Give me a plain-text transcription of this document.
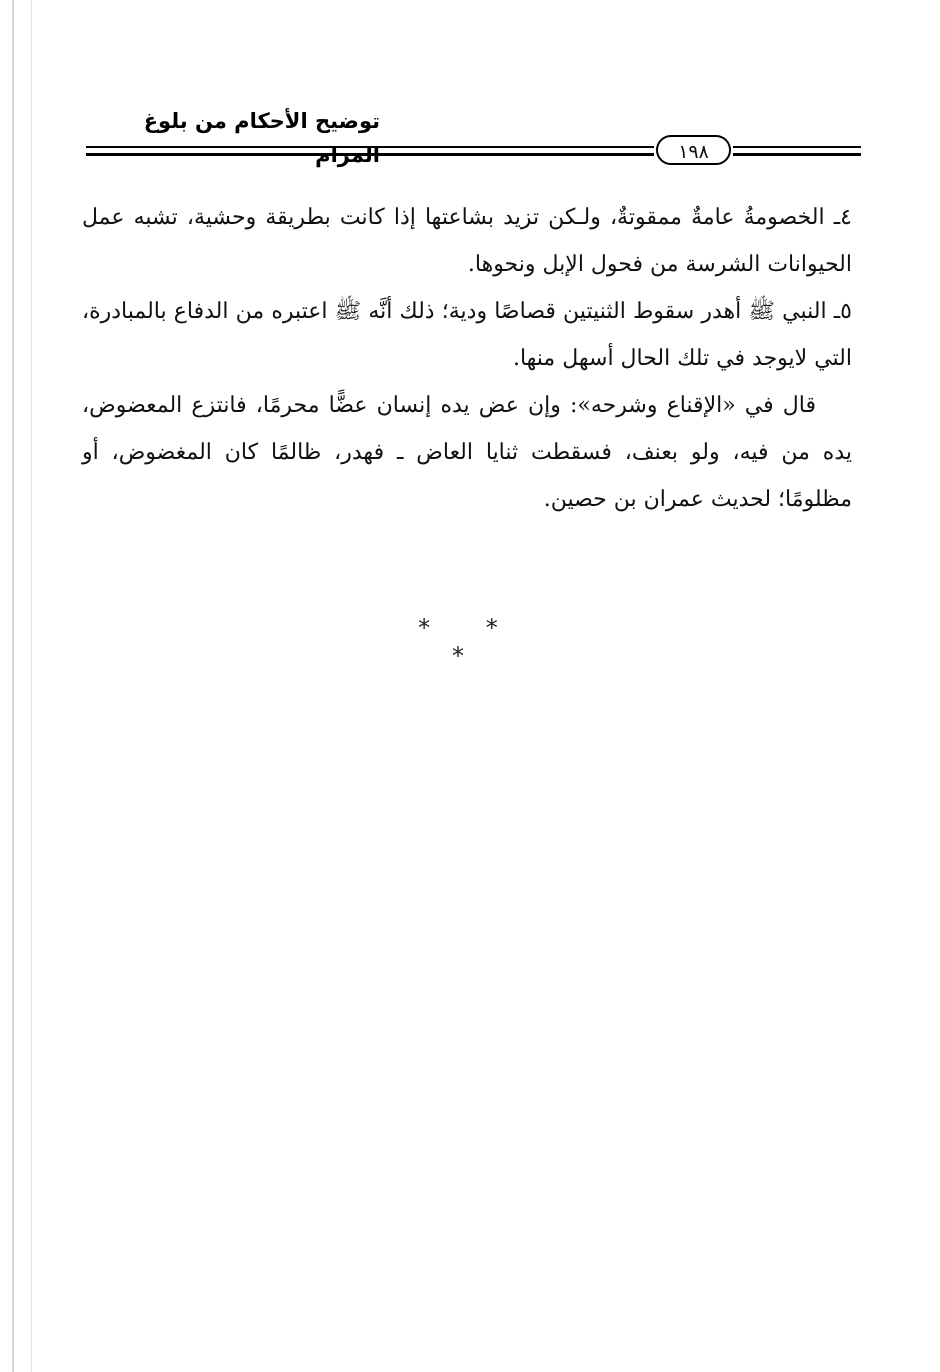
توضيح الأحكام من بلوغ المرام	١٩٨

٤ـ الخصومةُ عامةٌ ممقوتةٌ، ولـكن تزيد بشاعتها إذا كانت بطريقة وحشية، تشبه عمل الحيوانات الشرسة من فحول الإبل ونحوها.

٥ـ النبي ﷺ أهدر سقوط الثنيتين قصاصًا ودية؛ ذلك أنَّه ﷺ اعتبره من الدفاع بالمبادرة، التي لايوجد في تلك الحال أسهل منها.

قال في «الإقناع وشرحه»: وإن عض يده إنسان عضًّا محرمًا، فانتزع المعضوض، يده من فيه، ولو بعنف، فسقطت ثنايا العاض ـ فهدر، ظالمًا كان المغضوض، أو مظلومًا؛ لحديث عمران بن حصين.

* * *
